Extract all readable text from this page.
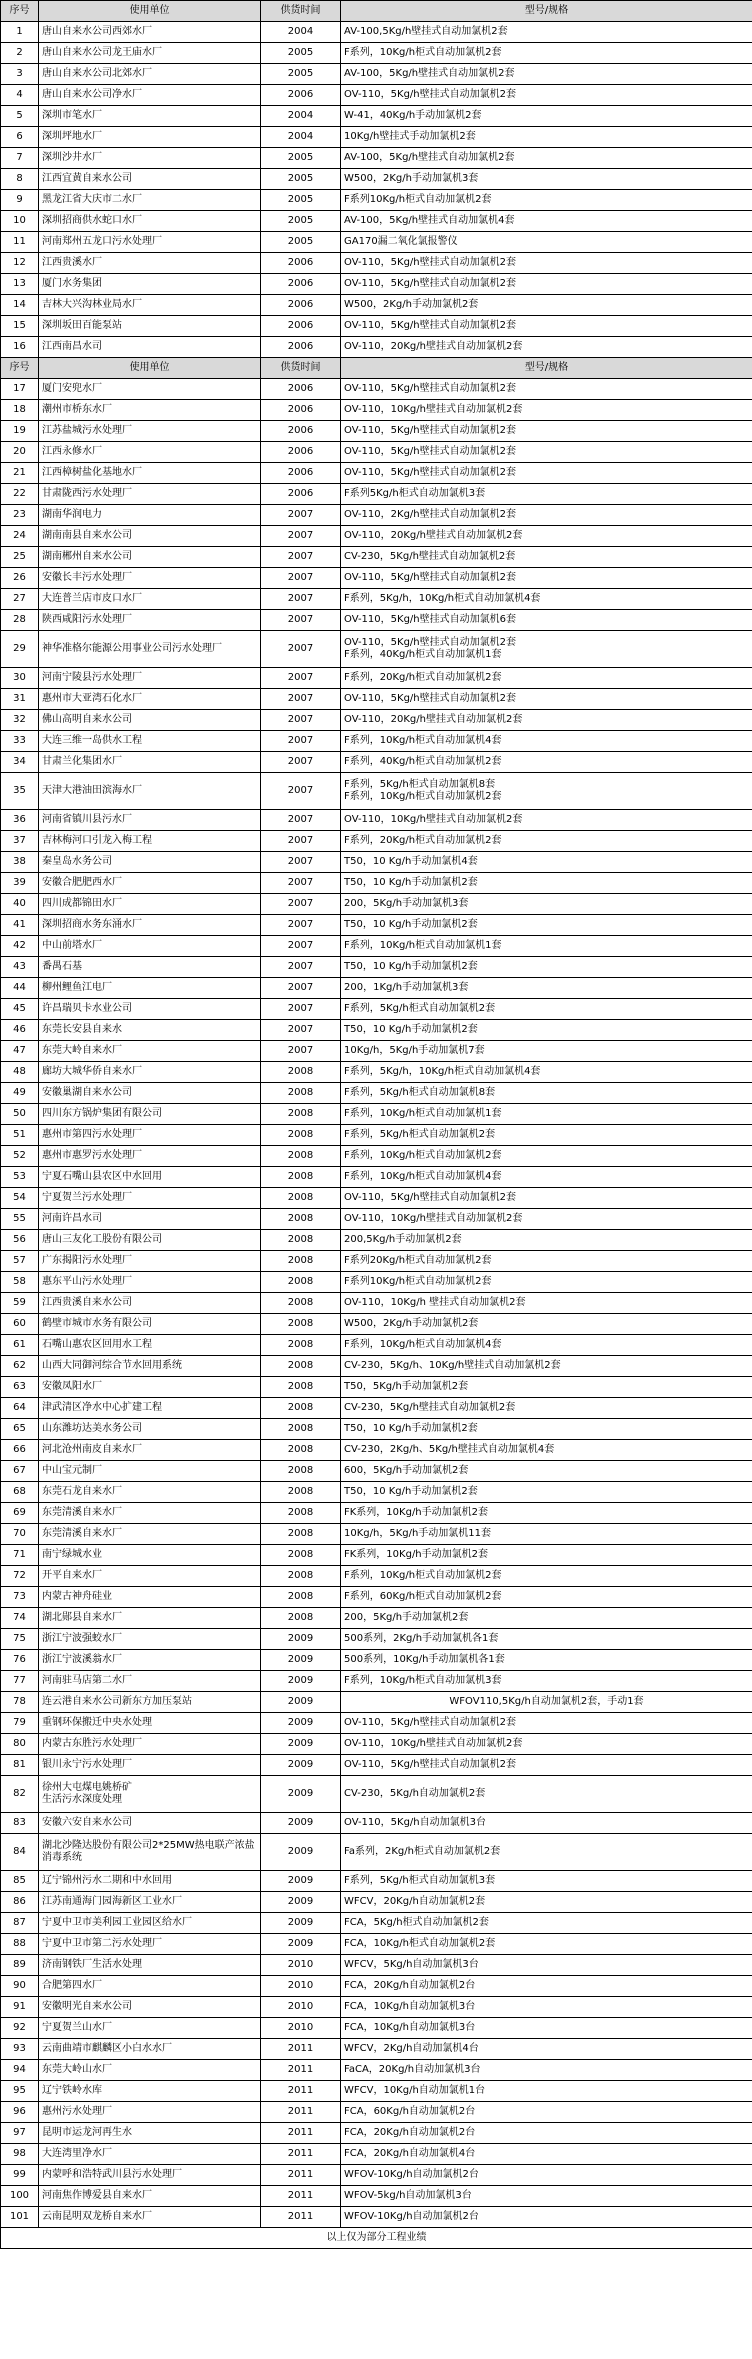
序号	使用单位	供货时间	型号/规格
1	唐山自来水公司西郊水厂	2004	AV-100,5Kg/h壁挂式自动加氯机2套
2	唐山自来水公司龙王庙水厂	2005	F系列，10Kg/h柜式自动加氯机2套
3	唐山自来水公司北郊水厂	2005	AV-100，5Kg/h壁挂式自动加氯机2套
4	唐山自来水公司净水厂	2006	OV-110，5Kg/h壁挂式自动加氯机2套
5	深圳市笔水厂	2004	W-41，40Kg/h手动加氯机2套
6	深圳坪地水厂	2004	10Kg/h壁挂式手动加氯机2套
7	深圳沙井水厂	2005	AV-100，5Kg/h壁挂式自动加氯机2套
8	江西宜黄自来水公司	2005	W500，2Kg/h手动加氯机3套
9	黑龙江省大庆市二水厂	2005	F系列10Kg/h柜式自动加氯机2套
10	深圳招商供水蛇口水厂	2005	AV-100，5Kg/h壁挂式自动加氯机4套
11	河南郑州五龙口污水处理厂	2005	GA170漏二氧化氯报警仪
12	江西贵溪水厂	2006	OV-110，5Kg/h壁挂式自动加氯机2套
13	厦门水务集团	2006	OV-110，5Kg/h壁挂式自动加氯机2套
14	吉林大兴沟林业局水厂	2006	W500，2Kg/h手动加氯机2套
15	深圳坂田百能泵站	2006	OV-110，5Kg/h壁挂式自动加氯机2套
16	江西南昌水司	2006	OV-110，20Kg/h壁挂式自动加氯机2套
序号	使用单位	供货时间	型号/规格
17	厦门安兜水厂	2006	OV-110，5Kg/h壁挂式自动加氯机2套
18	潮州市桥东水厂	2006	OV-110，10Kg/h壁挂式自动加氯机2套
19	江苏盐城污水处理厂	2006	OV-110，5Kg/h壁挂式自动加氯机2套
20	江西永修水厂	2006	OV-110，5Kg/h壁挂式自动加氯机2套
21	江西樟树盐化基地水厂	2006	OV-110，5Kg/h壁挂式自动加氯机2套
22	甘肃陇西污水处理厂	2006	F系列5Kg/h柜式自动加氯机3套
23	湖南华润电力	2007	OV-110，2Kg/h壁挂式自动加氯机2套
24	湖南南县自来水公司	2007	OV-110，20Kg/h壁挂式自动加氯机2套
25	湖南郴州自来水公司	2007	CV-230，5Kg/h壁挂式自动加氯机2套
26	安徽长丰污水处理厂	2007	OV-110，5Kg/h壁挂式自动加氯机2套
27	大连普兰店市皮口水厂	2007	F系列，5Kg/h，10Kg/h柜式自动加氯机4套
28	陕西咸阳污水处理厂	2007	OV-110，5Kg/h壁挂式自动加氯机6套
29	神华准格尔能源公用事业公司污水处理厂	2007	OV-110，5Kg/h壁挂式自动加氯机2套
F系列，40Kg/h柜式自动加氯机1套
30	河南宁陵县污水处理厂	2007	F系列，20Kg/h柜式自动加氯机2套
31	惠州市大亚湾石化水厂	2007	OV-110，5Kg/h壁挂式自动加氯机2套
32	佛山高明自来水公司	2007	OV-110，20Kg/h壁挂式自动加氯机2套
33	大连三维一岛供水工程	2007	F系列，10Kg/h柜式自动加氯机4套
34	甘肃兰化集团水厂	2007	F系列，40Kg/h柜式自动加氯机2套
35	天津大港油田滨海水厂	2007	F系列，5Kg/h柜式自动加氯机8套
F系列，10Kg/h柜式自动加氯机2套
36	河南省镇川县污水厂	2007	OV-110，10Kg/h壁挂式自动加氯机2套
37	吉林梅河口引龙入梅工程	2007	F系列，20Kg/h柜式自动加氯机2套
38	秦皇岛水务公司	2007	T50，10 Kg/h手动加氯机4套
39	安徽合肥肥西水厂	2007	T50，10 Kg/h手动加氯机2套
40	四川成都锦田水厂	2007	200，5Kg/h手动加氯机3套
41	深圳招商水务东涌水厂	2007	T50，10 Kg/h手动加氯机2套
42	中山前塔水厂	2007	F系列，10Kg/h柜式自动加氯机1套
43	番禺石基	2007	T50，10 Kg/h手动加氯机2套
44	柳州鲤鱼江电厂	2007	200，1Kg/h手动加氯机3套
45	许昌瑞贝卡水业公司	2007	F系列，5Kg/h柜式自动加氯机2套
46	东莞长安县自来水	2007	T50，10 Kg/h手动加氯机2套
47	东莞大岭自来水厂	2007	10Kg/h，5Kg/h手动加氯机7套
48	廊坊大城华侨自来水厂	2008	F系列，5Kg/h，10Kg/h柜式自动加氯机4套
49	安徽巢湖自来水公司	2008	F系列，5Kg/h柜式自动加氯机8套
50	四川东方锅炉集团有限公司	2008	F系列，10Kg/h柜式自动加氯机1套
51	惠州市第四污水处理厂	2008	F系列，5Kg/h柜式自动加氯机2套
52	惠州市惠罗污水处理厂	2008	F系列，10Kg/h柜式自动加氯机2套
53	宁夏石嘴山县农区中水回用	2008	F系列，10Kg/h柜式自动加氯机4套
54	宁夏贺兰污水处理厂	2008	OV-110，5Kg/h壁挂式自动加氯机2套
55	河南许昌水司	2008	OV-110，10Kg/h壁挂式自动加氯机2套
56	唐山三友化工股份有限公司	2008	200,5Kg/h手动加氯机2套
57	广东揭阳污水处理厂	2008	F系列20Kg/h柜式自动加氯机2套
58	惠东平山污水处理厂	2008	F系列10Kg/h柜式自动加氯机2套
59	江西贵溪自来水公司	2008	OV-110，10Kg/h 壁挂式自动加氯机2套
60	鹤壁市城市水务有限公司	2008	W500，2Kg/h手动加氯机2套
61	石嘴山惠农区回用水工程	2008	F系列，10Kg/h柜式自动加氯机4套
62	山西大同御河综合节水回用系统	2008	CV-230，5Kg/h、10Kg/h壁挂式自动加氯机2套
63	安徽凤阳水厂	2008	T50，5Kg/h手动加氯机2套
64	津武清区净水中心扩建工程	2008	CV-230，5Kg/h壁挂式自动加氯机2套
65	山东潍坊达美水务公司	2008	T50，10 Kg/h手动加氯机2套
66	河北沧州南皮自来水厂	2008	CV-230，2Kg/h、5Kg/h壁挂式自动加氯机4套
67	中山宝元制厂	2008	600，5Kg/h手动加氯机2套
68	东莞石龙自来水厂	2008	T50，10 Kg/h手动加氯机2套
69	东莞清溪自来水厂	2008	FK系列，10Kg/h手动加氯机2套
70	东莞清溪自来水厂	2008	10Kg/h，5Kg/h手动加氯机11套
71	南宁绿城水业	2008	FK系列，10Kg/h手动加氯机2套
72	开平自来水厂	2008	F系列，10Kg/h柜式自动加氯机2套
73	内蒙古神舟硅业	2008	F系列，60Kg/h柜式自动加氯机2套
74	湖北郧县自来水厂	2008	200，5Kg/h手动加氯机2套
75	浙江宁波强蛟水厂	2009	500系列，2Kg/h手动加氯机各1套
76	浙江宁波溪翁水厂	2009	500系列，10Kg/h手动加氯机各1套
77	河南驻马店第二水厂	2009	F系列，10Kg/h柜式自动加氯机3套
78	连云港自来水公司新东方加压泵站	2009	WFOV110,5Kg/h自动加氯机2套，手动1套
79	重钢环保搬迁中央水处理	2009	OV-110，5Kg/h壁挂式自动加氯机2套
80	内蒙古东胜污水处理厂	2009	OV-110，10Kg/h壁挂式自动加氯机2套
81	银川永宁污水处理厂	2009	OV-110，5Kg/h壁挂式自动加氯机2套
82	徐州大屯煤电姚桥矿
生活污水深度处理	2009	CV-230，5Kg/h自动加氯机2套
83	安徽六安自来水公司	2009	OV-110，5Kg/h自动加氯机3台
84	湖北沙隆达股份有限公司2*25MW热电联产浓盐消毒系统	2009	Fa系列，2Kg/h柜式自动加氯机2套
85	辽宁锦州污水二期和中水回用	2009	F系列，5Kg/h柜式自动加氯机3套
86	江苏南通海门园海新区工业水厂	2009	WFCV，20Kg/h自动加氯机2套
87	宁夏中卫市美利园工业园区给水厂	2009	FCA，5Kg/h柜式自动加氯机2套
88	宁夏中卫市第二污水处理厂	2009	FCA，10Kg/h柜式自动加氯机2套
89	济南钢铁厂生活水处理	2010	WFCV，5Kg/h自动加氯机3台
90	合肥第四水厂	2010	FCA，20Kg/h自动加氯机2台
91	安徽明光自来水公司	2010	FCA，10Kg/h自动加氯机3台
92	宁夏贺兰山水厂	2010	FCA，10Kg/h自动加氯机3台
93	云南曲靖市麒麟区小白水水厂	2011	WFCV，2Kg/h自动加氯机4台
94	东莞大岭山水厂	2011	FaCA，20Kg/h自动加氯机3台
95	辽宁铁岭水库	2011	WFCV，10Kg/h自动加氯机1台
96	惠州污水处理厂	2011	FCA，60Kg/h自动加氯机2台
97	昆明市运龙河再生水	2011	FCA，20Kg/h自动加氯机2台
98	大连湾里净水厂	2011	FCA，20Kg/h自动加氯机4台
99	内蒙呼和浩特武川县污水处理厂	2011	WFOV-10Kg/h自动加氯机2台
100	河南焦作博爱县自来水厂	2011	WFOV-5kg/h自动加氯机3台
101	云南昆明双龙桥自来水厂	2011	WFOV-10Kg/h自动加氯机2台
以上仅为部分工程业绩			
